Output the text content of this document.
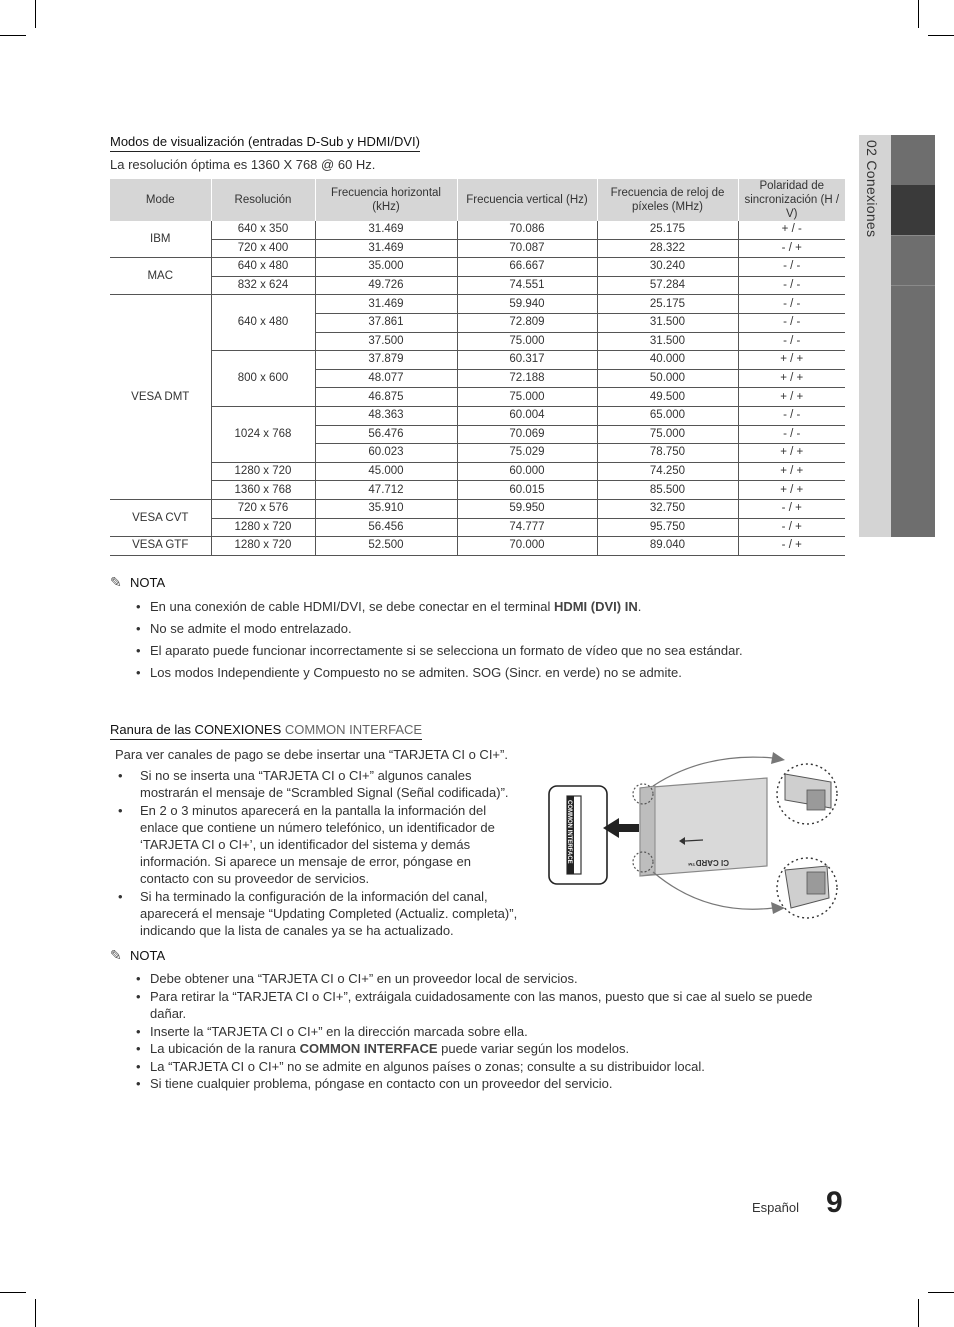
02 Conexiones
Modos de visualización (entradas D-Sub y HDMI/DVI)
La resolución óptima es 1360 X 768 @ 60 Hz.
Mode	Resolución	Frecuencia horizontal (kHz)	Frecuencia vertical (Hz)	Frecuencia de reloj de píxeles (MHz)	Polaridad de sincronización (H / V)
IBM	640 x 350	31.469	70.086	25.175	+ / -
	720 x 400	31.469	70.087	28.322	- / +
MAC	640 x 480	35.000	66.667	30.240	- / -
	832 x 624	49.726	74.551	57.284	- / -
VESA DMT	640 x 480	31.469	59.940	25.175	- / -
		37.861	72.809	31.500	- / -
		37.500	75.000	31.500	- / -
	800 x 600	37.879	60.317	40.000	+ / +
		48.077	72.188	50.000	+ / +
		46.875	75.000	49.500	+ / +
	1024 x 768	48.363	60.004	65.000	- / -
		56.476	70.069	75.000	- / -
		60.023	75.029	78.750	+ / +
	1280 x 720	45.000	60.000	74.250	+ / +
	1360 x 768	47.712	60.015	85.500	+ / +
VESA CVT	720 x 576	35.910	59.950	32.750	- / +
	1280 x 720	56.456	74.777	95.750	- / +
VESA GTF	1280 x 720	52.500	70.000	89.040	- / +
✎ NOTA
• En una conexión de cable HDMI/DVI, se debe conectar en el terminal HDMI (DVI) IN.
• No se admite el modo entrelazado.
• El aparato puede funcionar incorrectamente si se selecciona un formato de vídeo que no sea estándar.
• Los modos Independiente y Compuesto no se admiten. SOG (Sincr. en verde) no se admite.
Ranura de las CONEXIONES COMMON INTERFACE
Para ver canales de pago se debe insertar una “TARJETA CI o CI+”.
• Si no se inserta una “TARJETA CI o CI+” algunos canales mostrarán el mensaje de “Scrambled Signal (Señal codificada)”.
• En 2 o 3 minutos aparecerá en la pantalla la información del enlace que contiene un número telefónico, un identificador de ‘TARJETA CI o CI+’, un identificador del sistema y demás información. Si aparece un mensaje de error, póngase en contacto con su proveedor de servicios.
• Si ha terminado la configuración de la información del canal, aparecerá el mensaje “Updating Completed (Actualiz. completa)”, indicando que la lista de canales ya se ha actualizado.
COMMON INTERFACE	CI CARD™
✎ NOTA
• Debe obtener una “TARJETA CI o CI+” en un proveedor local de servicios.
• Para retirar la “TARJETA CI o CI+”, extráigala cuidadosamente con las manos, puesto que si cae al suelo se puede dañar.
• Inserte la “TARJETA CI o CI+” en la dirección marcada sobre ella.
• La ubicación de la ranura COMMON INTERFACE puede variar según los modelos.
• La “TARJETA CI o CI+” no se admite en algunos países o zonas; consulte a su distribuidor local.
• Si tiene cualquier problema, póngase en contacto con un proveedor del servicio.
Español 9
